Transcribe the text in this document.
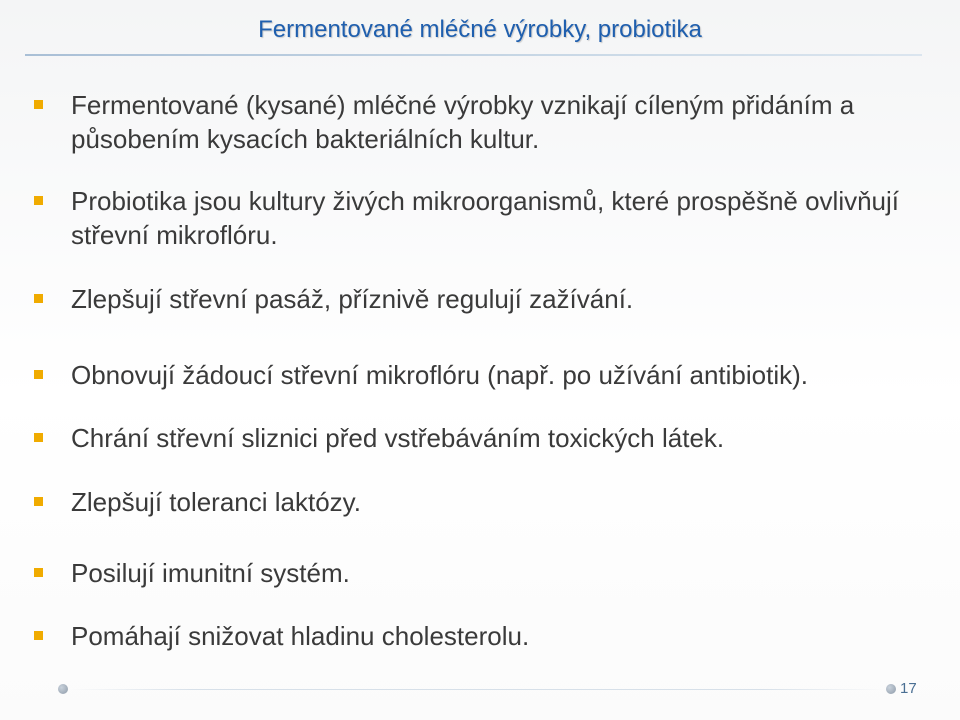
Fermentované mléčné výrobky, probiotika
Fermentované (kysané) mléčné výrobky vznikají cíleným přidáním a působením kysacích bakteriálních kultur.
Probiotika jsou kultury živých mikroorganismů, které prospěšně ovlivňují střevní mikroflóru.
Zlepšují střevní pasáž, příznivě regulují zažívání.
Obnovují žádoucí střevní mikroflóru (např. po užívání antibiotik).
Chrání střevní sliznici před vstřebáváním toxických látek.
Zlepšují toleranci laktózy.
Posilují imunitní systém.
Pomáhají snižovat hladinu cholesterolu.
17
